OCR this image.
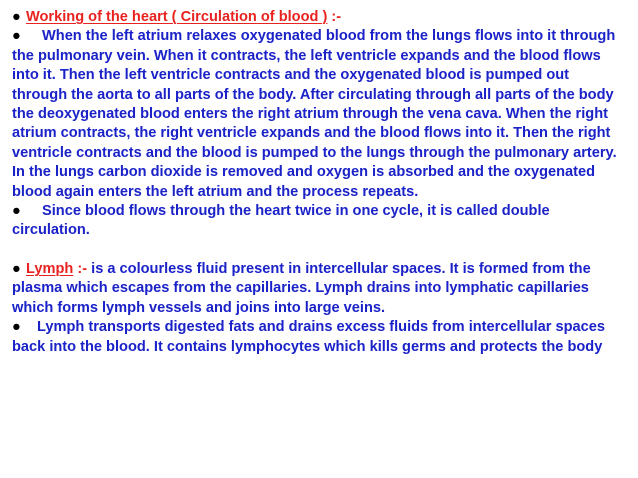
● Working of the heart ( Circulation of blood ) :-

● When the left atrium relaxes oxygenated blood from the lungs flows into it through the pulmonary vein. When it contracts, the left ventricle expands and the blood flows into it. Then the left ventricle contracts and the oxygenated blood is pumped out through the aorta to all parts of the body. After circulating through all parts of the body the deoxygenated blood enters the right atrium through the vena cava. When the right atrium contracts, the right ventricle expands and the blood flows into it. Then the right ventricle contracts and the blood is pumped to the lungs through the pulmonary artery. In the lungs carbon dioxide is removed and oxygen is absorbed and the oxygenated blood again enters the left atrium and the process repeats.

● Since blood flows through the heart twice in one cycle, it is called double circulation.

● Lymph :- is a colourless fluid present in intercellular spaces. It is formed from the plasma which escapes from the capillaries. Lymph drains into lymphatic capillaries which forms lymph vessels and joins into large veins.

● Lymph transports digested fats and drains excess fluids from intercellular spaces back into the blood. It contains lymphocytes which kills germs and protects the body
